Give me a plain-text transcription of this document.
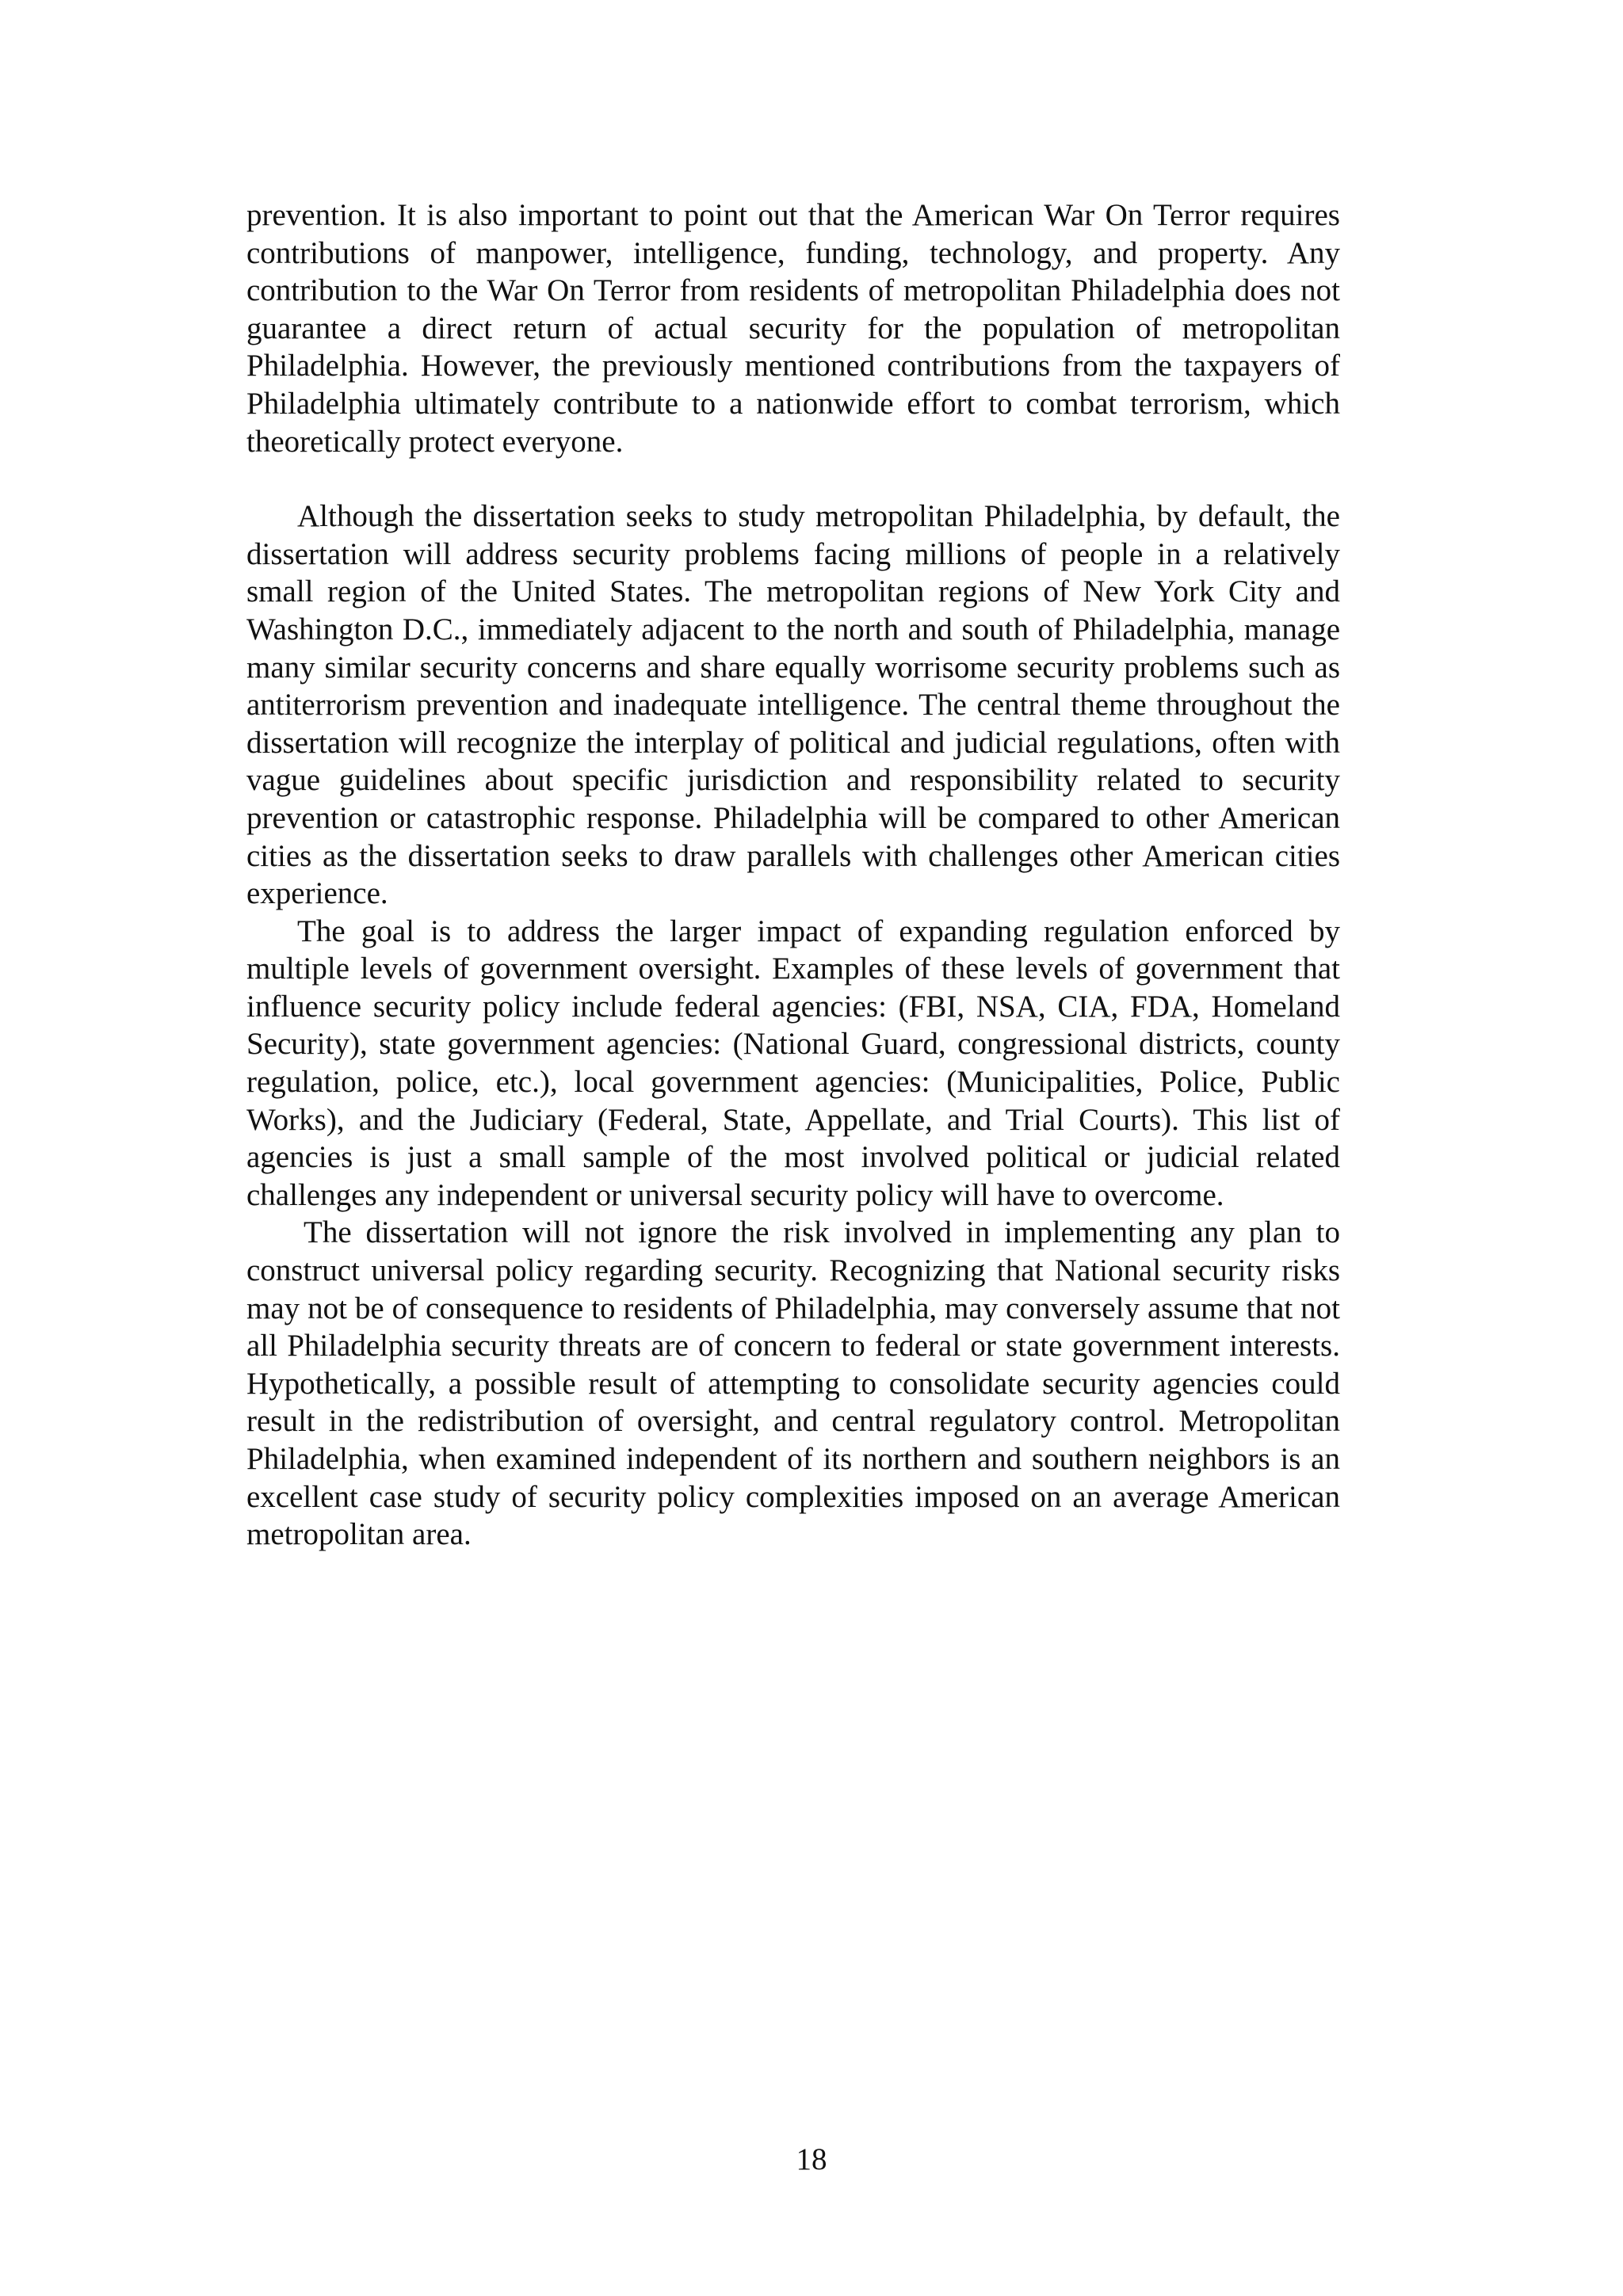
prevention. It is also important to point out that the American War On Terror requires contributions of manpower, intelligence, funding, technology, and property. Any contribution to the War On Terror from residents of metropolitan Philadelphia does not guarantee a direct return of actual security for the population of metropolitan Philadelphia. However, the previously mentioned contributions from the taxpayers of Philadelphia ultimately contribute to a nationwide effort to combat terrorism, which theoretically protect everyone.

Although the dissertation seeks to study metropolitan Philadelphia, by default, the dissertation will address security problems facing millions of people in a relatively small region of the United States. The metropolitan regions of New York City and Washington D.C., immediately adjacent to the north and south of Philadelphia, manage many similar security concerns and share equally worrisome security problems such as antiterrorism prevention and inadequate intelligence. The central theme throughout the dissertation will recognize the interplay of political and judicial regulations, often with vague guidelines about specific jurisdiction and responsibility related to security prevention or catastrophic response. Philadelphia will be compared to other American cities as the dissertation seeks to draw parallels with challenges other American cities experience.

The goal is to address the larger impact of expanding regulation enforced by multiple levels of government oversight. Examples of these levels of government that influence security policy include federal agencies: (FBI, NSA, CIA, FDA, Homeland Security), state government agencies: (National Guard, congressional districts, county regulation, police, etc.), local government agencies: (Municipalities, Police, Public Works), and the Judiciary (Federal, State, Appellate, and Trial Courts). This list of agencies is just a small sample of the most involved political or judicial related challenges any independent or universal security policy will have to overcome.

The dissertation will not ignore the risk involved in implementing any plan to construct universal policy regarding security. Recognizing that National security risks may not be of consequence to residents of Philadelphia, may conversely assume that not all Philadelphia security threats are of concern to federal or state government interests. Hypothetically, a possible result of attempting to consolidate security agencies could result in the redistribution of oversight, and central regulatory control. Metropolitan Philadelphia, when examined independent of its northern and southern neighbors is an excellent case study of security policy complexities imposed on an average American metropolitan area.

18
